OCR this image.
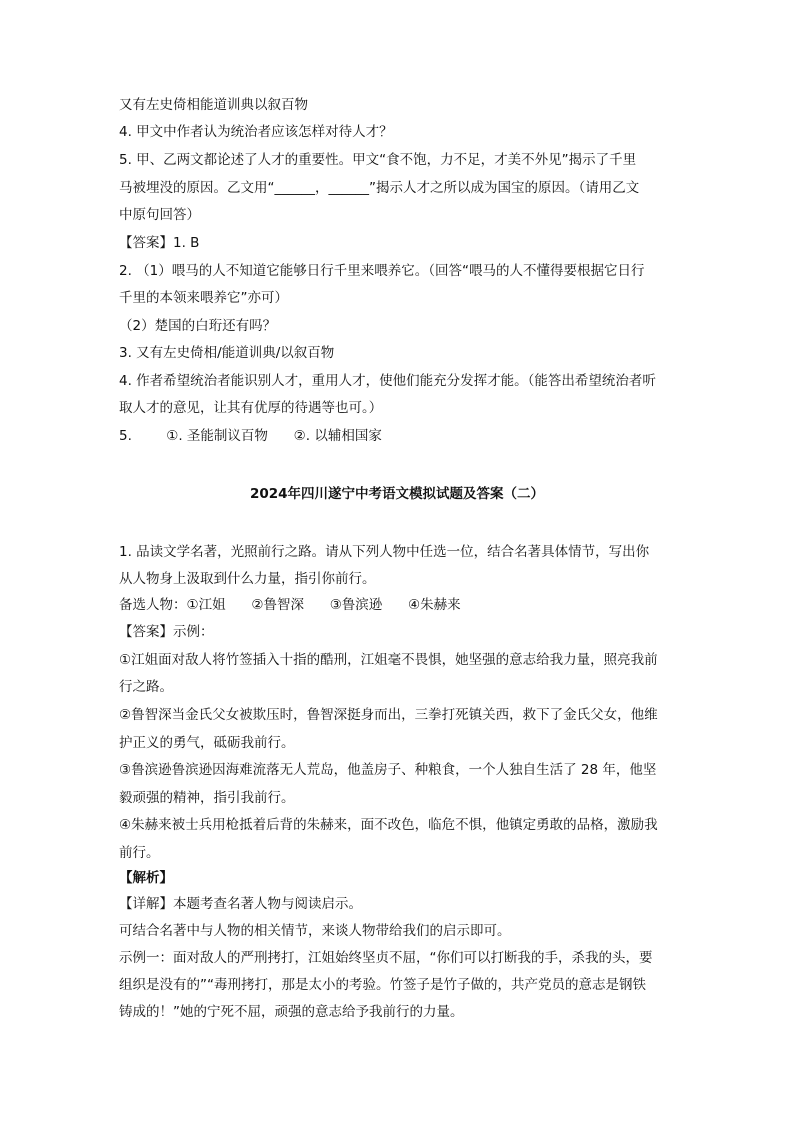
又有左史倚相能道训典以叙百物
4. 甲文中作者认为统治者应该怎样对待人才？
5. 甲、乙两文都论述了人才的重要性。甲文“食不饱，力不足，才美不外见”揭示了千里
马被埋没的原因。乙文用“______，______”揭示人才之所以成为国宝的原因。（请用乙文
中原句回答）
【答案】1. B
2. （1）喂马的人不知道它能够日行千里来喂养它。（回答“喂马的人不懂得要根据它日行
千里的本领来喂养它”亦可）
（2）楚国的白珩还有吗？
3. 又有左史倚相/能道训典/以叙百物
4. 作者希望统治者能识别人才，重用人才，使他们能充分发挥才能。（能答出希望统治者听
取人才的意见，让其有优厚的待遇等也可。）
5.        ①. 圣能制议百物      ②. 以辅相国家
2024年四川遂宁中考语文模拟试题及答案（二）
1. 品读文学名著，光照前行之路。请从下列人物中任选一位，结合名著具体情节，写出你
从人物身上汲取到什么力量，指引你前行。
备选人物：①江姐      ②鲁智深      ③鲁滨逊      ④朱赫来
【答案】示例：
①江姐面对敌人将竹签插入十指的酷刑，江姐毫不畏惧，她坚强的意志给我力量，照亮我前
行之路。
②鲁智深当金氏父女被欺压时，鲁智深挺身而出，三拳打死镇关西，救下了金氏父女，他维
护正义的勇气，砥砺我前行。
③鲁滨逊鲁滨逊因海难流落无人荒岛，他盖房子、种粮食，一个人独自生活了 28 年，他坚
毅顽强的精神，指引我前行。
④朱赫来被士兵用枪抵着后背的朱赫来，面不改色，临危不惧，他镇定勇敢的品格，激励我
前行。
【解析】
【详解】本题考查名著人物与阅读启示。
可结合名著中与人物的相关情节，来谈人物带给我们的启示即可。
示例一：面对敌人的严刑拷打，江姐始终坚贞不屈，“你们可以打断我的手，杀我的头，要
组织是没有的”“毒刑拷打，那是太小的考验。竹签子是竹子做的，共产党员的意志是钢铁
铸成的！”她的宁死不屈，顽强的意志给予我前行的力量。
